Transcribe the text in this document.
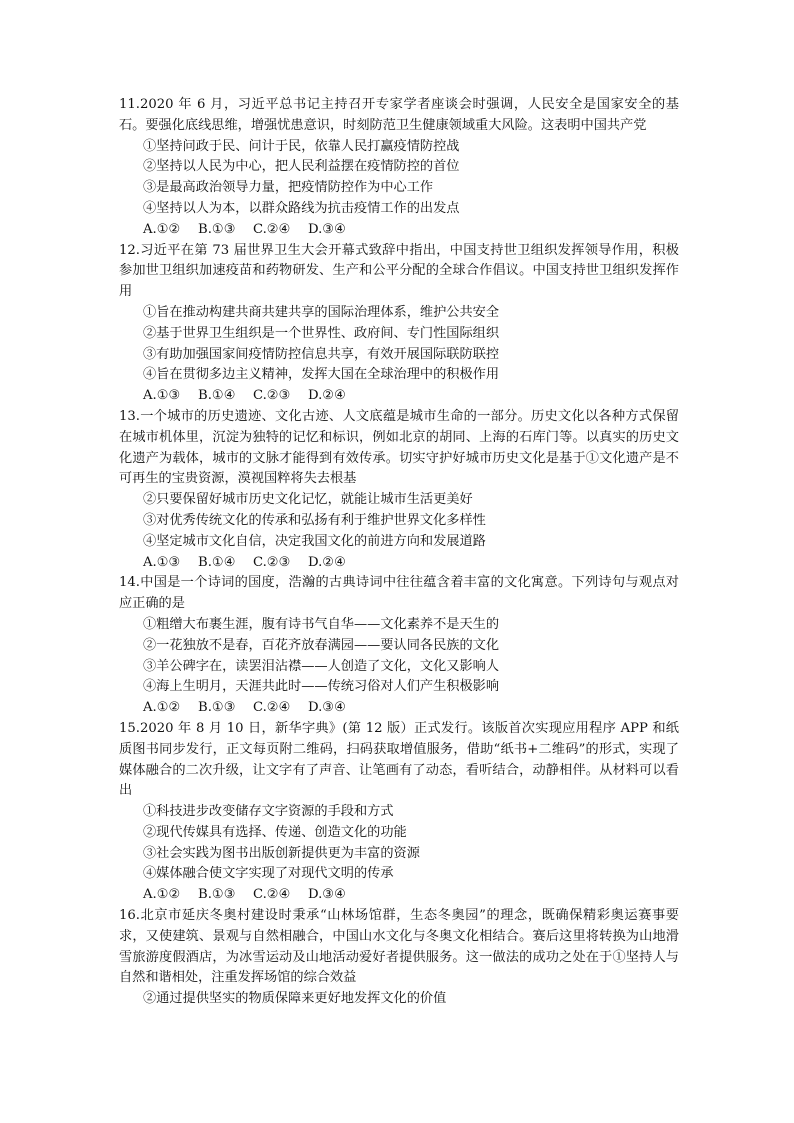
11.2020 年 6 月，习近平总书记主持召开专家学者座谈会时强调，人民安全是国家安全的基石。要强化底线思维，增强忧患意识，时刻防范卫生健康领域重大风险。这表明中国共产党
①坚持问政于民、问计于民，依靠人民打赢疫情防控战
②坚持以人民为中心，把人民利益摆在疫情防控的首位
③是最高政治领导力量，把疫情防控作为中心工作
④坚持以人为本，以群众路线为抗击疫情工作的出发点
A.①② B.①③ C.②④ D.③④
12.习近平在第 73 届世界卫生大会开幕式致辞中指出，中国支持世卫组织发挥领导作用，积极参加世卫组织加速疫苗和药物研发、生产和公平分配的全球合作倡议。中国支持世卫组织发挥作用
①旨在推动构建共商共建共享的国际治理体系，维护公共安全
②基于世界卫生组织是一个世界性、政府间、专门性国际组织
③有助加强国家间疫情防控信息共享，有效开展国际联防联控
④旨在贯彻多边主义精神，发挥大国在全球治理中的积极作用
A.①③ B.①④ C.②③ D.②④
13.一个城市的历史遗迹、文化古迹、人文底蕴是城市生命的一部分。历史文化以各种方式保留在城市机体里，沉淀为独特的记忆和标识，例如北京的胡同、上海的石库门等。以真实的历史文化遗产为载体，城市的文脉才能得到有效传承。切实守护好城市历史文化是基于①文化遗产是不可再生的宝贵资源，漠视国粹将失去根基
②只要保留好城市历史文化记忆，就能让城市生活更美好
③对优秀传统文化的传承和弘扬有利于维护世界文化多样性
④坚定城市文化自信，决定我国文化的前进方向和发展道路
A.①③ B.①④ C.②③ D.②④
14.中国是一个诗词的国度，浩瀚的古典诗词中往往蕴含着丰富的文化寓意。下列诗句与观点对应正确的是
①粗缯大布裹生涯，腹有诗书气自华——文化素养不是天生的
②一花独放不是春，百花齐放春满园——要认同各民族的文化
③羊公碑字在，读罢泪沾襟——人创造了文化，文化又影响人
④海上生明月，天涯共此时——传统习俗对人们产生积极影响
A.①② B.①③ C.②④ D.③④
15.2020 年 8 月 10 日，新华字典》(第 12 版）正式发行。该版首次实现应用程序 APP 和纸质图书同步发行，正文每页附二维码，扫码获取增值服务，借助“纸书+二维码”的形式，实现了媒体融合的二次升级，让文字有了声音、让笔画有了动态，看听结合，动静相伴。从材料可以看出
①科技进步改变储存文字资源的手段和方式
②现代传媒具有选择、传递、创造文化的功能
③社会实践为图书出版创新提供更为丰富的资源
④媒体融合使文字实现了对现代文明的传承
A.①② B.①③ C.②④ D.③④
16.北京市延庆冬奥村建设时秉承“山林场馆群，生态冬奥园”的理念，既确保精彩奥运赛事要求，又使建筑、景观与自然相融合，中国山水文化与冬奥文化相结合。赛后这里将转换为山地滑雪旅游度假酒店，为冰雪运动及山地活动爱好者提供服务。这一做法的成功之处在于①坚持人与自然和谐相处，注重发挥场馆的综合效益
②通过提供坚实的物质保障来更好地发挥文化的价值
